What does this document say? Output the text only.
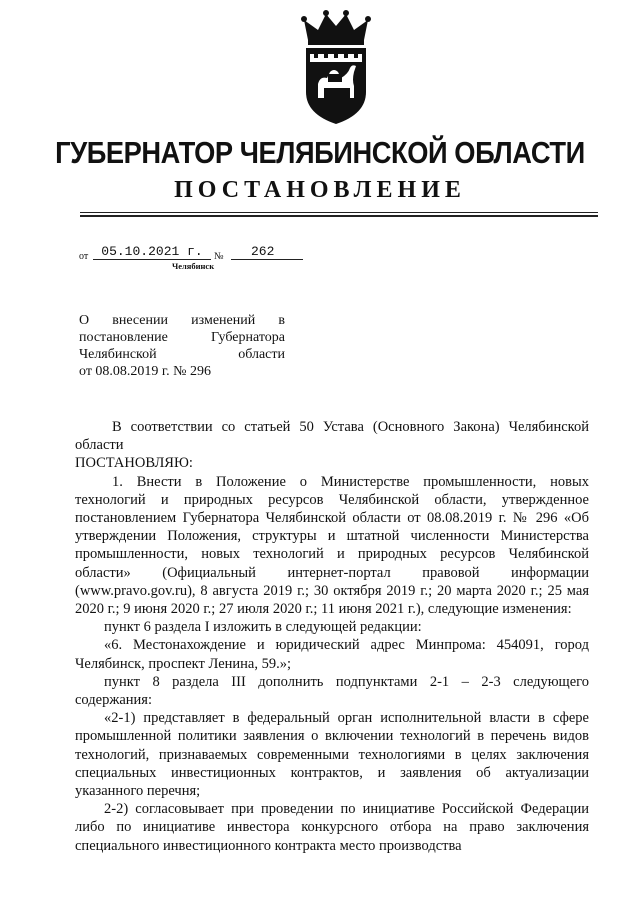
ГУБЕРНАТОР ЧЕЛЯБИНСКОЙ ОБЛАСТИ
ПОСТАНОВЛЕНИЕ
от	05.10.2021 г.	№	262
Челябинск
О внесении изменений в
постановление Губернатора
Челябинской области
от 08.08.2019 г. № 296
В соответствии со статьей 50 Устава (Основного Закона) Челябинской области
ПОСТАНОВЛЯЮ:
1. Внести в Положение о Министерстве промышленности, новых технологий и природных ресурсов Челябинской области, утвержденное постановлением Губернатора Челябинской области от 08.08.2019 г. № 296 «Об утверждении Положения, структуры и штатной численности Министерства промышленности, новых технологий и природных ресурсов Челябинской области» (Официальный интернет-портал правовой информации (www.pravo.gov.ru), 8 августа 2019 г.; 30 октября 2019 г.; 20 марта 2020 г.; 25 мая 2020 г.; 9 июня 2020 г.; 27 июля 2020 г.; 11 июня 2021 г.), следующие изменения:
пункт 6 раздела I изложить в следующей редакции:
«6. Местонахождение и юридический адрес Минпрома: 454091, город Челябинск, проспект Ленина, 59.»;
пункт 8 раздела III дополнить подпунктами 2-1 – 2-3 следующего содержания:
«2-1) представляет в федеральный орган исполнительной власти в сфере промышленной политики заявления о включении технологий в перечень видов технологий, признаваемых современными технологиями в целях заключения специальных инвестиционных контрактов, и заявления об актуализации указанного перечня;
2-2) согласовывает при проведении по инициативе Российской Федерации либо по инициативе инвестора конкурсного отбора на право заключения специального инвестиционного контракта место производства
